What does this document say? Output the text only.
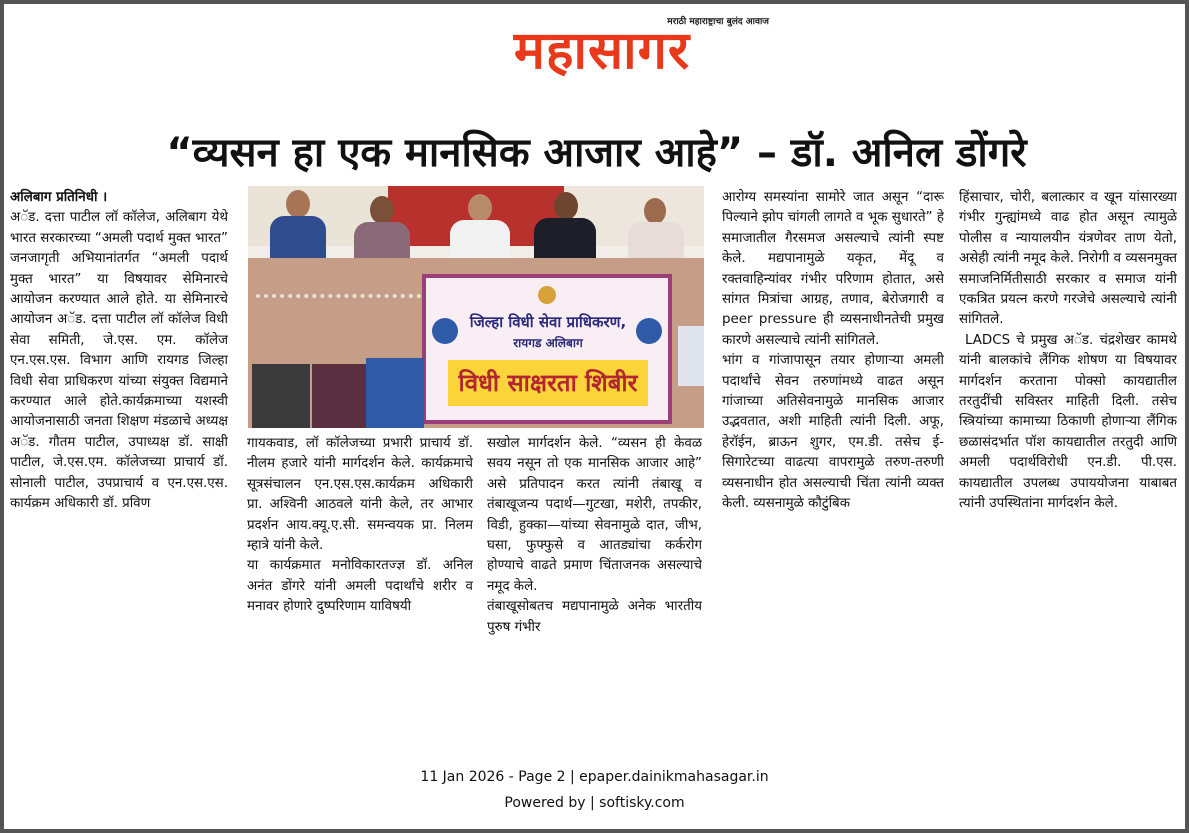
मराठी महाराष्ट्राचा बुलंद आवाज
महासागर
“व्यसन हा एक मानसिक आजार आहे” – डॉ. अनिल डोंगरे

अलिबाग प्रतिनिधी ।

अॅड. दत्ता पाटील लॉ कॉलेज, अलिबाग येथे भारत सरकारच्या “अमली पदार्थ मुक्त भारत” जनजागृती अभियानांतर्गत “अमली पदार्थ मुक्त भारत” या विषयावर सेमिनारचे आयोजन करण्यात आले होते. या सेमिनारचे आयोजन अॅड. दत्ता पाटील लॉ कॉलेज विधी सेवा समिती, जे.एस. एम. कॉलेज एन.एस.एस. विभाग आणि रायगड जिल्हा विधी सेवा प्राधिकरण यांच्या संयुक्त विद्यमाने करण्यात आले होते.कार्यक्रमाच्या यशस्वी आयोजनासाठी जनता शिक्षण मंडळाचे अध्यक्ष अॅड. गौतम पाटील, उपाध्यक्ष डॉ. साक्षी पाटील, जे.एस.एम. कॉलेजच्या प्राचार्य डॉ. सोनाली पाटील, उपप्राचार्य व एन.एस.एस. कार्यक्रम अधिकारी डॉ. प्रविण

जिल्हा विधी सेवा प्राधिकरण,
रायगड अलिबाग
विधी साक्षरता शिबीर

गायकवाड, लॉ कॉलेजच्या प्रभारी प्राचार्य डॉ. नीलम हजारे यांनी मार्गदर्शन केले. कार्यक्रमाचे सूत्रसंचालन एन.एस.एस.कार्यक्रम अधिकारी प्रा. अश्विनी आठवले यांनी केले, तर आभार प्रदर्शन आय.क्यू.ए.सी. समन्वयक प्रा. निलम म्हात्रे यांनी केले.

या कार्यक्रमात मनोविकारतज्ज्ञ डॉ. अनिल अनंत डोंगरे यांनी अमली पदार्थांचे शरीर व मनावर होणारे दुष्परिणाम याविषयी

सखोल मार्गदर्शन केले. “व्यसन ही केवळ सवय नसून तो एक मानसिक आजार आहे” असे प्रतिपादन करत त्यांनी तंबाखू व तंबाखूजन्य पदार्थ—गुटखा, मशेरी, तपकीर, विडी, हुक्का—यांच्या सेवनामुळे दात, जीभ, घसा, फुफ्फुसे व आतड्यांचा कर्करोग होण्याचे वाढते प्रमाण चिंताजनक असल्याचे नमूद केले.

तंबाखूसोबतच मद्यपानामुळे अनेक भारतीय पुरुष गंभीर

आरोग्य समस्यांना सामोरे जात असून “दारू पिल्याने झोप चांगली लागते व भूक सुधारते” हे समाजातील गैरसमज असल्याचे त्यांनी स्पष्ट केले. मद्यपानामुळे यकृत, मेंदू व रक्तवाहिन्यांवर गंभीर परिणाम होतात, असे सांगत मित्रांचा आग्रह, तणाव, बेरोजगारी व peer pressure ही व्यसनाधीनतेची प्रमुख कारणे असल्याचे त्यांनी सांगितले.

भांग व गांजापासून तयार होणाऱ्या अमली पदार्थांचे सेवन तरुणांमध्ये वाढत असून गांजाच्या अतिसेवनामुळे मानसिक आजार उद्भवतात, अशी माहिती त्यांनी दिली. अफू, हेरॉईन, ब्राऊन शुगर, एम.डी. तसेच ई-सिगारेटच्या वाढत्या वापरामुळे तरुण-तरुणी व्यसनाधीन होत असल्याची चिंता त्यांनी व्यक्त केली. व्यसनामुळे कौटुंबिक

हिंसाचार, चोरी, बलात्कार व खून यांसारख्या गंभीर गुन्ह्यांमध्ये वाढ होत असून त्यामुळे पोलीस व न्यायालयीन यंत्रणेवर ताण येतो, असेही त्यांनी नमूद केले. निरोगी व व्यसनमुक्त समाजनिर्मितीसाठी सरकार व समाज यांनी एकत्रित प्रयत्न करणे गरजेचे असल्याचे त्यांनी सांगितले.

LADCS चे प्रमुख अॅड. चंद्रशेखर कामथे यांनी बालकांचे लैंगिक शोषण या विषयावर मार्गदर्शन करताना पोक्सो कायद्यातील तरतुदींची सविस्तर माहिती दिली. तसेच स्त्रियांच्या कामाच्या ठिकाणी होणाऱ्या लैंगिक छळासंदर्भात पॉश कायद्यातील तरतुदी आणि अमली पदार्थविरोधी एन.डी. पी.एस. कायद्यातील उपलब्ध उपाययोजना याबाबत त्यांनी उपस्थितांना मार्गदर्शन केले.

11 Jan 2026 - Page 2 | epaper.dainikmahasagar.in
Powered by | softisky.com
